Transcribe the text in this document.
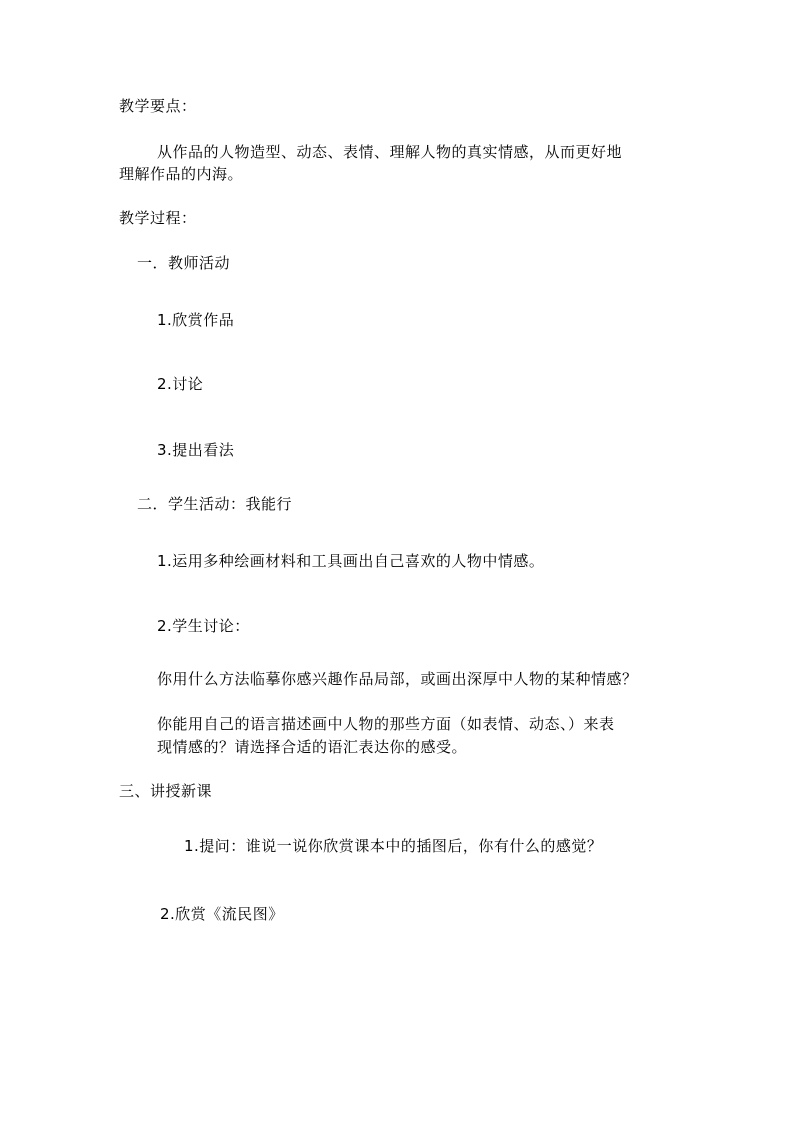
教学要点：
从作品的人物造型、动态、表情、理解人物的真实情感，从而更好地
理解作品的内海。
教学过程：
一．教师活动
1.欣赏作品
2.讨论
3.提出看法
二．学生活动：我能行
1.运用多种绘画材料和工具画出自己喜欢的人物中情感。
2.学生讨论：
你用什么方法临摹你感兴趣作品局部，或画出深厚中人物的某种情感？
你能用自己的语言描述画中人物的那些方面（如表情、动态、）来表
现情感的？请选择合适的语汇表达你的感受。
三、讲授新课
1.提问：谁说一说你欣赏课本中的插图后，你有什么的感觉？
2.欣赏《流民图》
